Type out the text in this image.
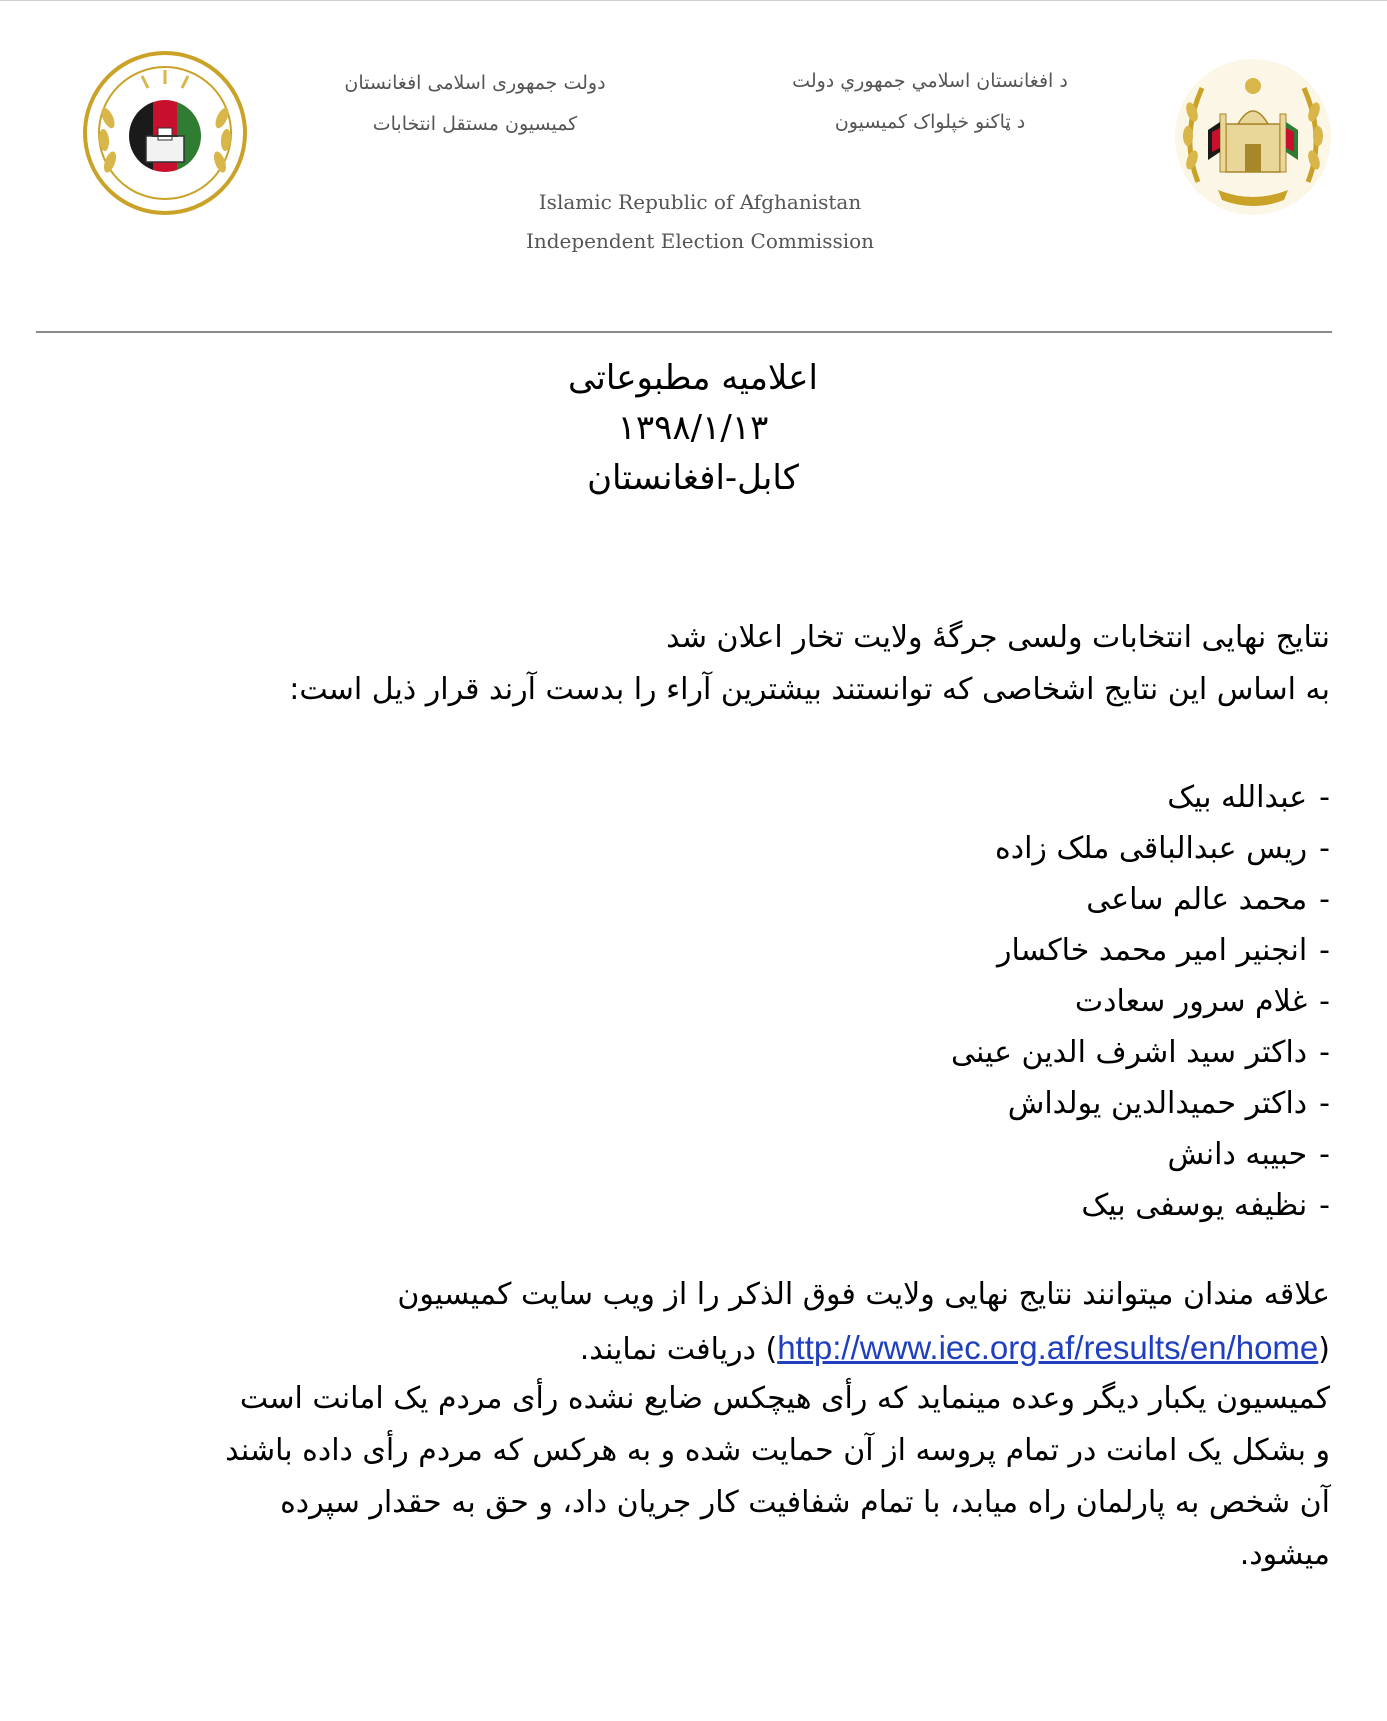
دولت جمهوری اسلامی افغانستان
کمیسیون مستقل انتخابات
د افغانستان اسلامي جمهوري دولت
د ټاکنو خپلواک کمیسیون
Islamic Republic of Afghanistan
Independent Election Commission
اعلامیه مطبوعاتی
۱۳۹۸/۱/۱۳
کابل-افغانستان
نتایج نهایی انتخابات ولسی جرگۀ ولایت تخار اعلان شد
به اساس این نتایج اشخاصی که توانستند بیشترین آراء را بدست آرند قرار ذیل است:
-عبدالله بیک
-ریس عبدالباقی ملک زاده
-محمد عالم ساعی
-انجنیر امیر محمد خاکسار
-غلام سرور سعادت
-داکتر سید اشرف الدین عینی
-داکتر حمیدالدین یولداش
-حبیبه دانش
-نظیفه یوسفی بیک
علاقه مندان میتوانند نتایج نهایی ولایت فوق الذکر را از ویب سایت کمیسیون
(http://www.iec.org.af/results/en/home) دریافت نمایند.
کمیسیون یکبار دیگر وعده مینماید که رأی هیچکس ضایع نشده رأی مردم یک امانت است
و بشکل یک امانت در تمام پروسه از آن حمایت شده و به هرکس که مردم رأی داده باشند
آن شخص به پارلمان راه میابد، با تمام شفافیت کار جریان داد، و حق به حقدار سپرده
میشود.
